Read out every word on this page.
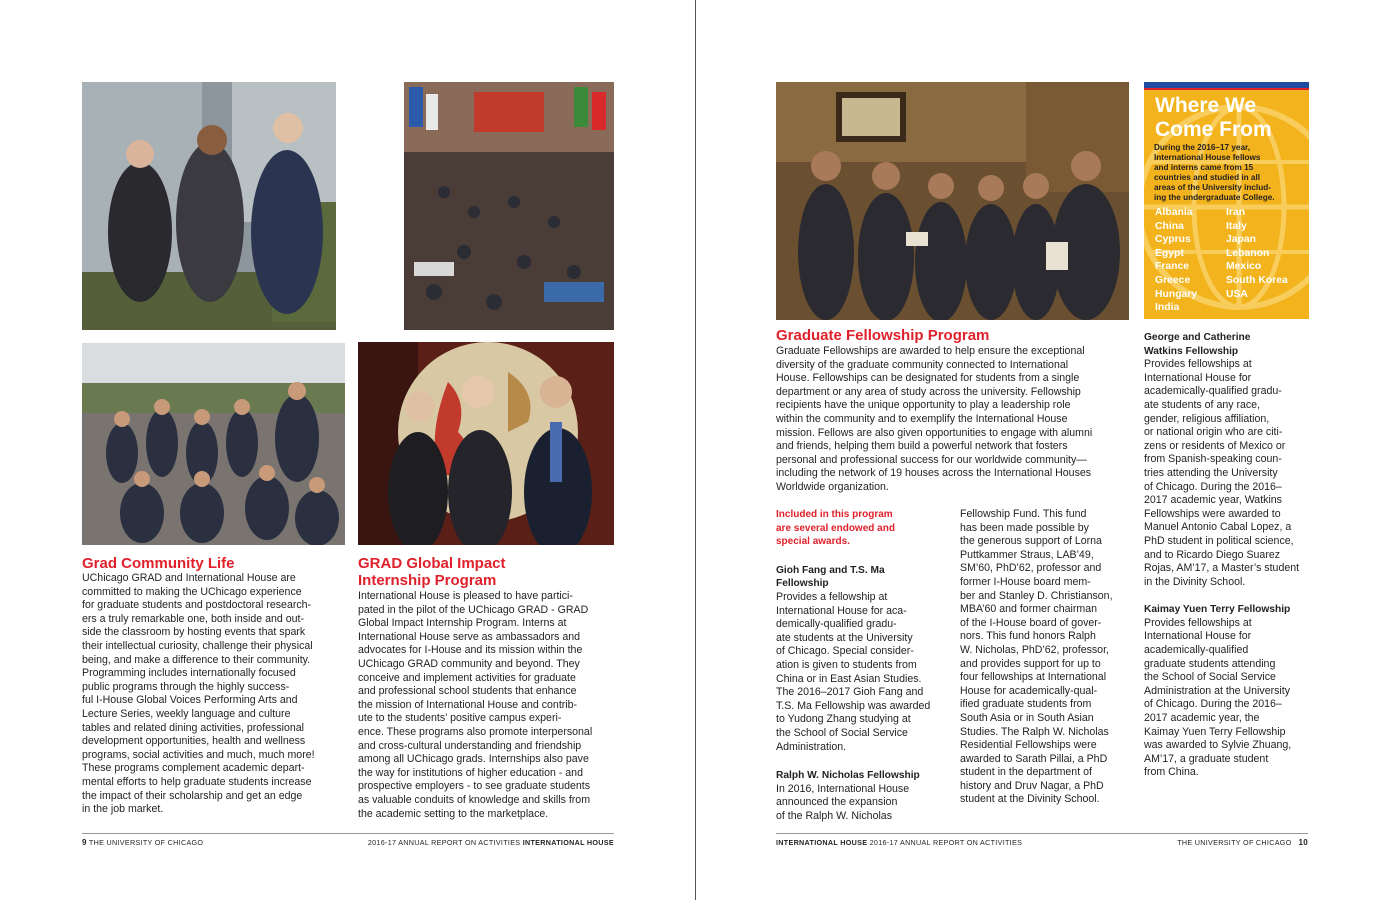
Grad Community Life
UChicago GRAD and International House are
committed to making the UChicago experience
for graduate students and postdoctoral research-
ers a truly remarkable one, both inside and out-
side the classroom by hosting events that spark
their intellectual curiosity, challenge their physical
being, and make a difference to their community.
Programming includes internationally focused
public programs through the highly success-
ful I-House Global Voices Performing Arts and
Lecture Series, weekly language and culture
tables and related dining activities, professional
development opportunities, health and wellness
programs, social activities and much, much more!
These programs complement academic depart-
mental efforts to help graduate students increase
the impact of their scholarship and get an edge
in the job market.
GRAD Global Impact
Internship Program
International House is pleased to have partici-
pated in the pilot of the UChicago GRAD - GRAD
Global Impact Internship Program. Interns at
International House serve as ambassadors and
advocates for I-House and its mission within the
UChicago GRAD community and beyond. They
conceive and implement activities for graduate
and professional school students that enhance
the mission of International House and contrib-
ute to the students’ positive campus experi-
ence. These programs also promote interpersonal
and cross-cultural understanding and friendship
among all UChicago grads. Internships also pave
the way for institutions of higher education - and
prospective employers - to see graduate students
as valuable conduits of knowledge and skills from
the academic setting to the marketplace.
9 THE UNIVERSITY OF CHICAGO	2016-17 ANNUAL REPORT ON ACTIVITIES INTERNATIONAL HOUSE
Where We
Come From

During the 2016–17 year,
International House fellows
and interns came from 15
countries and studied in all
areas of the University includ-
ing the undergraduate College.

Albania
China
Cyprus
Egypt
France
Greece
Hungary
India
Iran
Italy
Japan
Lebanon
Mexico
South Korea
USA
Graduate Fellowship Program
Graduate Fellowships are awarded to help ensure the exceptional
diversity of the graduate community connected to International
House. Fellowships can be designated for students from a single
department or any area of study across the university. Fellowship
recipients have the unique opportunity to play a leadership role
within the community and to exemplify the International House
mission. Fellows are also given opportunities to engage with alumni
and friends, helping them build a powerful network that fosters
personal and professional success for our worldwide community—
including the network of 19 houses across the International Houses
Worldwide organization.
Included in this program
are several endowed and
special awards.
Gioh Fang and T.S. Ma
Fellowship
Provides a fellowship at
International House for aca-
demically-qualified gradu-
ate students at the University
of Chicago. Special consider-
ation is given to students from
China or in East Asian Studies.
The 2016–2017 Gioh Fang and
T.S. Ma Fellowship was awarded
to Yudong Zhang studying at
the School of Social Service
Administration.
Ralph W. Nicholas Fellowship
In 2016, International House
announced the expansion
of the Ralph W. Nicholas
Fellowship Fund. This fund
has been made possible by
the generous support of Lorna
Puttkammer Straus, LAB’49,
SM’60, PhD’62, professor and
former I-House board mem-
ber and Stanley D. Christianson,
MBA’60 and former chairman
of the I-House board of gover-
nors. This fund honors Ralph
W. Nicholas, PhD’62, professor,
and provides support for up to
four fellowships at International
House for academically-qual-
ified graduate students from
South Asia or in South Asian
Studies. The Ralph W. Nicholas
Residential Fellowships were
awarded to Sarath Pillai, a PhD
student in the department of
history and Druv Nagar, a PhD
student at the Divinity School.
George and Catherine
Watkins Fellowship
Provides fellowships at
International House for
academically-qualified gradu-
ate students of any race,
gender, religious affiliation,
or national origin who are citi-
zens or residents of Mexico or
from Spanish-speaking coun-
tries attending the University
of Chicago. During the 2016–
2017 academic year, Watkins
Fellowships were awarded to
Manuel Antonio Cabal Lopez, a
PhD student in political science,
and to Ricardo Diego Suarez
Rojas, AM’17, a Master’s student
in the Divinity School.
Kaimay Yuen Terry Fellowship
Provides fellowships at
International House for
academically-qualified
graduate students attending
the School of Social Service
Administration at the University
of Chicago. During the 2016–
2017 academic year, the
Kaimay Yuen Terry Fellowship
was awarded to Sylvie Zhuang,
AM’17, a graduate student
from China.
INTERNATIONAL HOUSE 2016-17 ANNUAL REPORT ON ACTIVITIES	THE UNIVERSITY OF CHICAGO 10
